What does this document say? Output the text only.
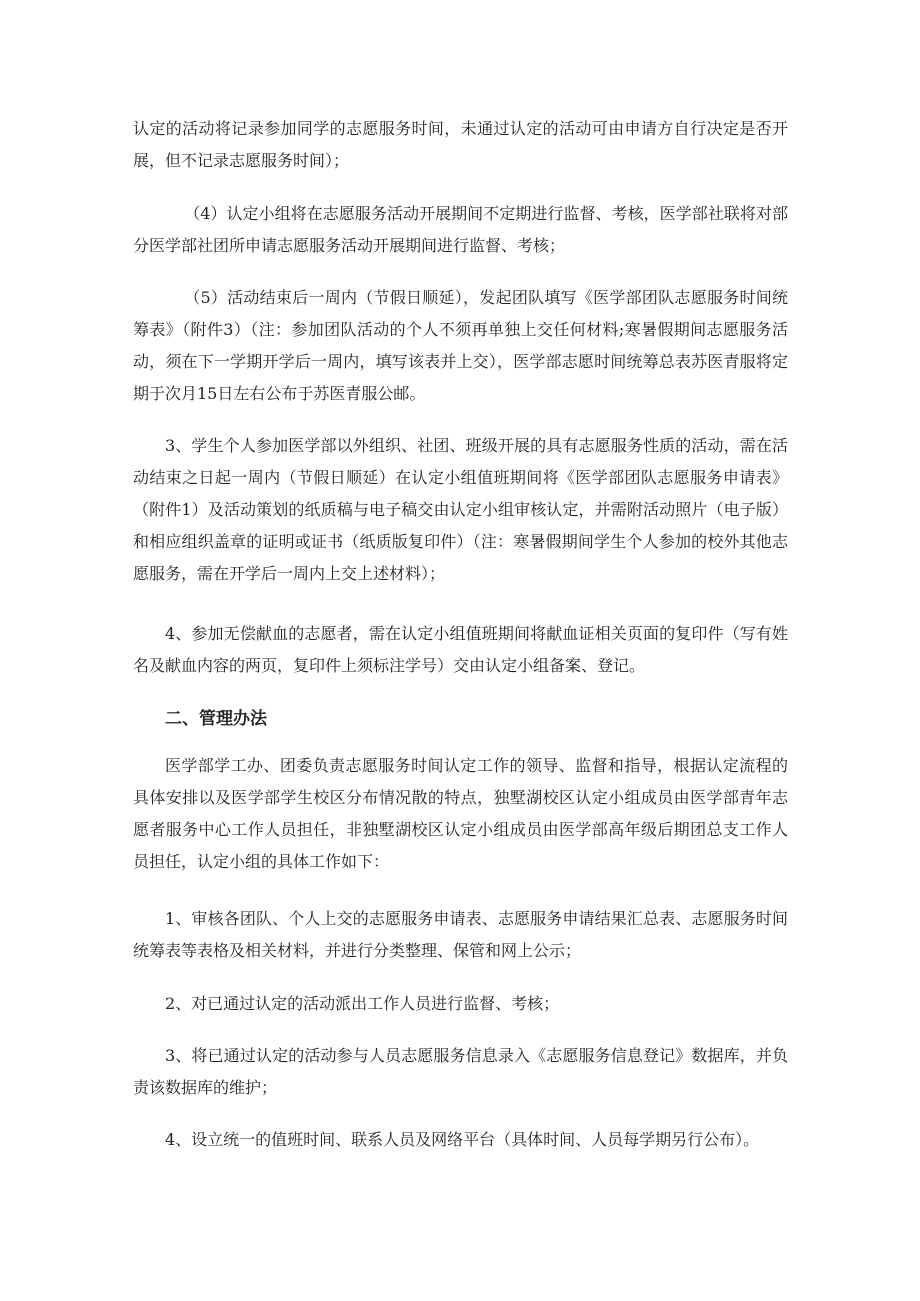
认定的活动将记录参加同学的志愿服务时间，未通过认定的活动可由申请方自行决定是否开展，但不记录志愿服务时间）；

（4）认定小组将在志愿服务活动开展期间不定期进行监督、考核，医学部社联将对部分医学部社团所申请志愿服务活动开展期间进行监督、考核；

（5）活动结束后一周内（节假日顺延），发起团队填写《医学部团队志愿服务时间统筹表》（附件3）（注：参加团队活动的个人不须再单独上交任何材料;寒暑假期间志愿服务活动，须在下一学期开学后一周内，填写该表并上交），医学部志愿时间统筹总表苏医青服将定期于次月15日左右公布于苏医青服公邮。

3、学生个人参加医学部以外组织、社团、班级开展的具有志愿服务性质的活动，需在活动结束之日起一周内（节假日顺延）在认定小组值班期间将《医学部团队志愿服务申请表》（附件1）及活动策划的纸质稿与电子稿交由认定小组审核认定，并需附活动照片（电子版）和相应组织盖章的证明或证书（纸质版复印件）（注：寒暑假期间学生个人参加的校外其他志愿服务，需在开学后一周内上交上述材料）；

4、参加无偿献血的志愿者，需在认定小组值班期间将献血证相关页面的复印件（写有姓名及献血内容的两页，复印件上须标注学号）交由认定小组备案、登记。

二、管理办法

医学部学工办、团委负责志愿服务时间认定工作的领导、监督和指导，根据认定流程的具体安排以及医学部学生校区分布情况散的特点，独墅湖校区认定小组成员由医学部青年志愿者服务中心工作人员担任，非独墅湖校区认定小组成员由医学部高年级后期团总支工作人员担任，认定小组的具体工作如下：

1、审核各团队、个人上交的志愿服务申请表、志愿服务申请结果汇总表、志愿服务时间统筹表等表格及相关材料，并进行分类整理、保管和网上公示；

2、对已通过认定的活动派出工作人员进行监督、考核；

3、将已通过认定的活动参与人员志愿服务信息录入《志愿服务信息登记》数据库，并负责该数据库的维护；

4、设立统一的值班时间、联系人员及网络平台（具体时间、人员每学期另行公布）。
